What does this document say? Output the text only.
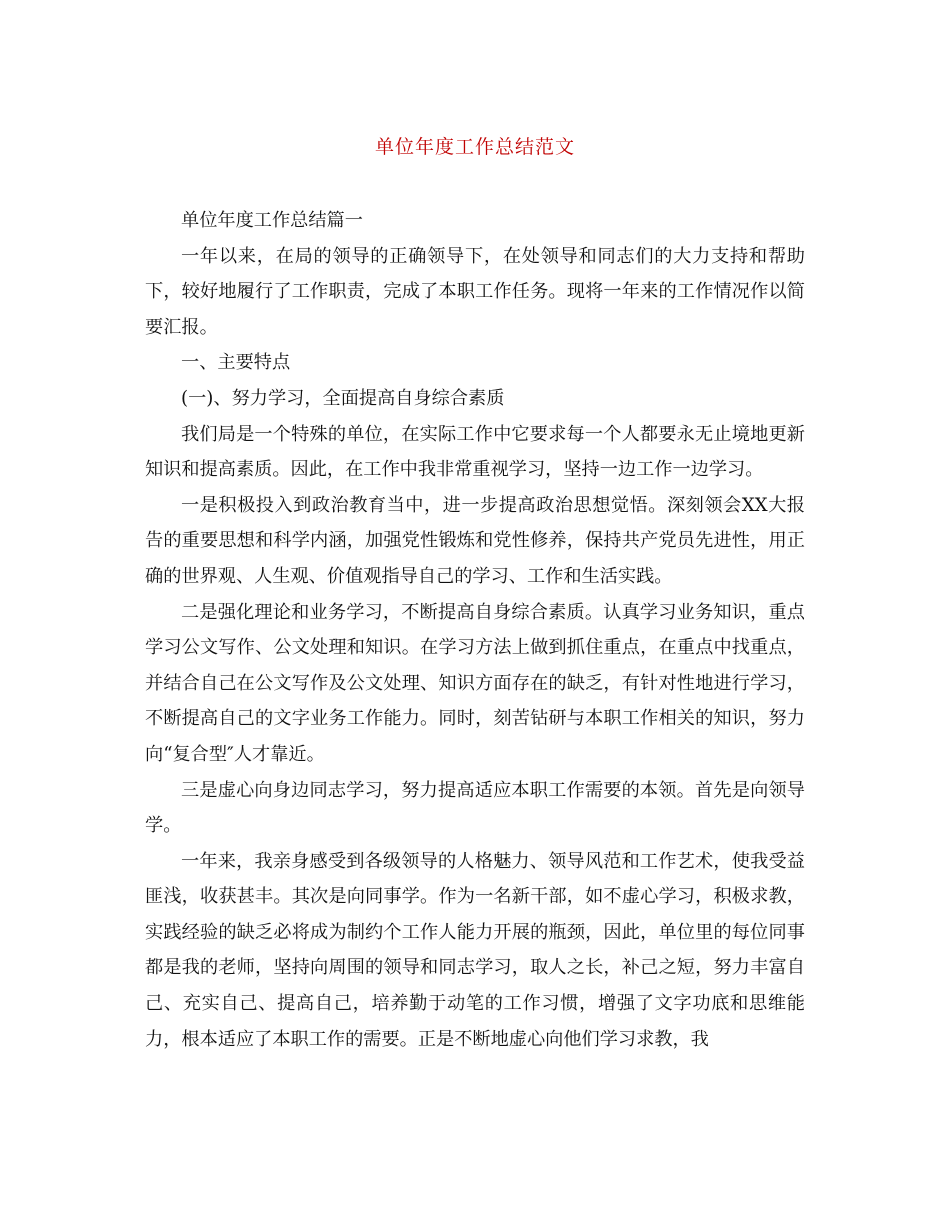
单位年度工作总结范文

单位年度工作总结篇一

一年以来，在局的领导的正确领导下，在处领导和同志们的大力支持和帮助下，较好地履行了工作职责，完成了本职工作任务。现将一年来的工作情况作以简要汇报。

一、主要特点

(一)、努力学习，全面提高自身综合素质

我们局是一个特殊的单位，在实际工作中它要求每一个人都要永无止境地更新知识和提高素质。因此，在工作中我非常重视学习，坚持一边工作一边学习。

一是积极投入到政治教育当中，进一步提高政治思想觉悟。深刻领会XX大报告的重要思想和科学内涵，加强党性锻炼和党性修养，保持共产党员先进性，用正确的世界观、人生观、价值观指导自己的学习、工作和生活实践。

二是强化理论和业务学习，不断提高自身综合素质。认真学习业务知识，重点学习公文写作、公文处理和知识。在学习方法上做到抓住重点，在重点中找重点，并结合自己在公文写作及公文处理、知识方面存在的缺乏，有针对性地进行学习，不断提高自己的文字业务工作能力。同时，刻苦钻研与本职工作相关的知识，努力向“复合型″人才靠近。

三是虚心向身边同志学习，努力提高适应本职工作需要的本领。首先是向领导学。

一年来，我亲身感受到各级领导的人格魅力、领导风范和工作艺术，使我受益匪浅，收获甚丰。其次是向同事学。作为一名新干部，如不虚心学习，积极求教，实践经验的缺乏必将成为制约个工作人能力开展的瓶颈，因此，单位里的每位同事都是我的老师，坚持向周围的领导和同志学习，取人之长，补己之短，努力丰富自己、充实自己、提高自己，培养勤于动笔的工作习惯，增强了文字功底和思维能力，根本适应了本职工作的需要。正是不断地虚心向他们学习求教，我
